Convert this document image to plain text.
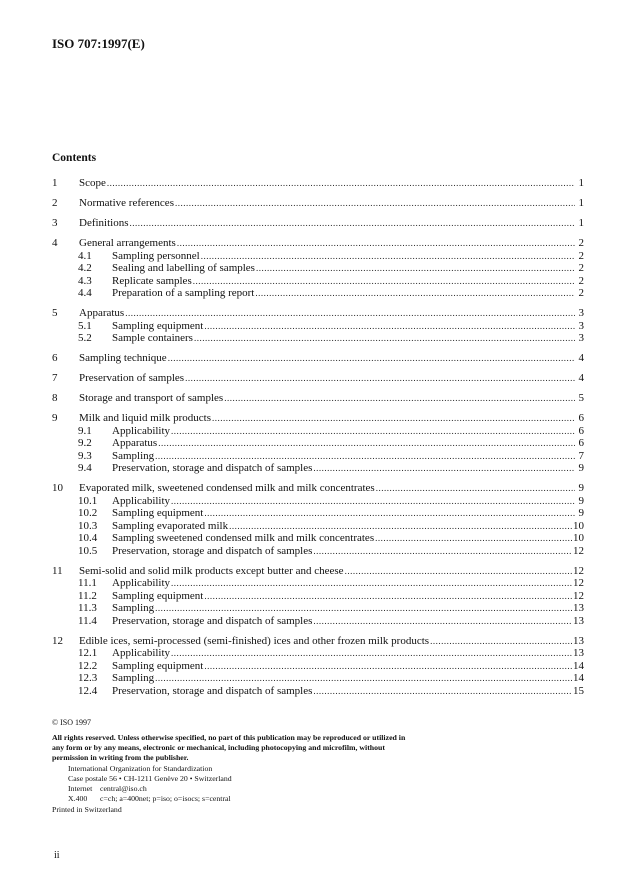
ISO 707:1997(E)
Contents
1	Scope .....	1
2	Normative references .....	1
3	Definitions .....	1
4	General arrangements .....	2
4.1	Sampling personnel .....	2
4.2	Sealing and labelling of samples .....	2
4.3	Replicate samples .....	2
4.4	Preparation of a sampling report .....	2
5	Apparatus .....	3
5.1	Sampling equipment .....	3
5.2	Sample containers .....	3
6	Sampling technique .....	4
7	Preservation of samples .....	4
8	Storage and transport of samples .....	5
9	Milk and liquid milk products .....	6
9.1	Applicability .....	6
9.2	Apparatus .....	6
9.3	Sampling .....	7
9.4	Preservation, storage and dispatch of samples .....	9
10	Evaporated milk, sweetened condensed milk and milk concentrates .....	9
10.1	Applicability .....	9
10.2	Sampling equipment .....	9
10.3	Sampling evaporated milk .....	10
10.4	Sampling sweetened condensed milk and milk concentrates .....	10
10.5	Preservation, storage and dispatch of samples .....	12
11	Semi-solid and solid milk products except butter and cheese .....	12
11.1	Applicability .....	12
11.2	Sampling equipment .....	12
11.3	Sampling .....	13
11.4	Preservation, storage and dispatch of samples .....	13
12	Edible ices, semi-processed (semi-finished) ices and other frozen milk products .....	13
12.1	Applicability .....	13
12.2	Sampling equipment .....	14
12.3	Sampling .....	14
12.4	Preservation, storage and dispatch of samples .....	15
© ISO 1997
All rights reserved. Unless otherwise specified, no part of this publication may be reproduced or utilized in any form or by any means, electronic or mechanical, including photocopying and microfilm, without permission in writing from the publisher.
International Organization for Standardization
Case postale 56 • CH-1211 Genève 20 • Switzerland
Internet central@iso.ch
X.400	c=ch; a=400net; p=iso; o=isocs; s=central
Printed in Switzerland
ii
